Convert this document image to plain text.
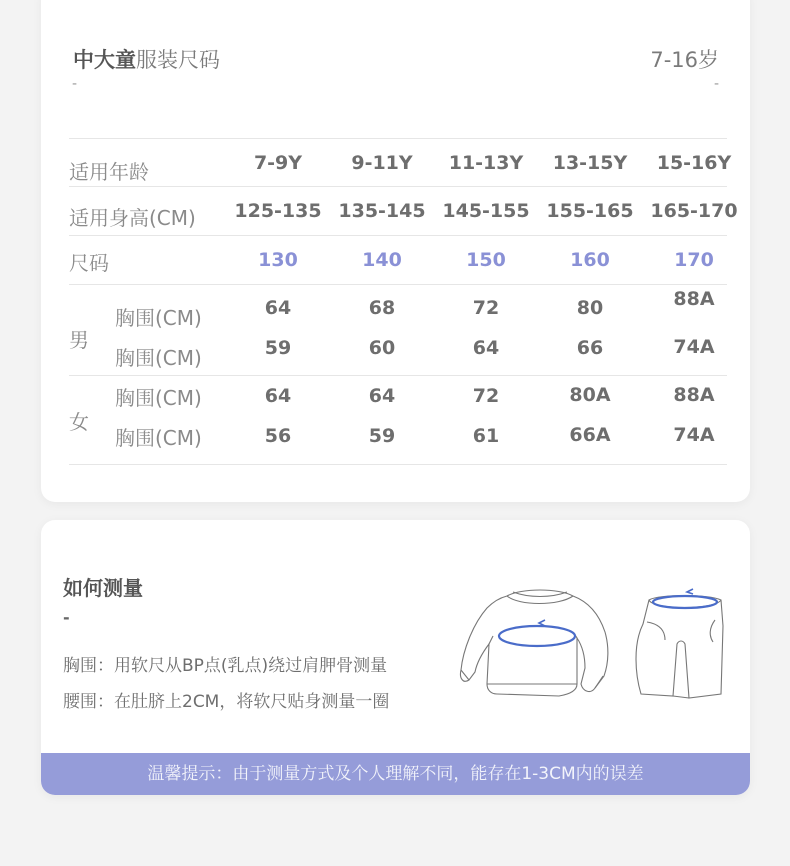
中大童服装尺码
-
7-16岁
-
适用年龄	7-9Y	9-11Y	11-13Y	13-15Y	15-16Y
适用身高(CM)	125-135 135-145 145-155 155-165 165-170
尺码	130	140	150	160	170
男
胸围(CM)	64	68	72	80	88A
胸围(CM)	59	60	64	66	74A
女
胸围(CM)	64	64	72	80A	88A
胸围(CM)	56	59	61	66A	74A
如何测量
-
胸围：用软尺从BP点(乳点)绕过肩胛骨测量
腰围：在肚脐上2CM，将软尺贴身测量一圈
温馨提示：由于测量方式及个人理解不同，能存在1-3CM内的误差
